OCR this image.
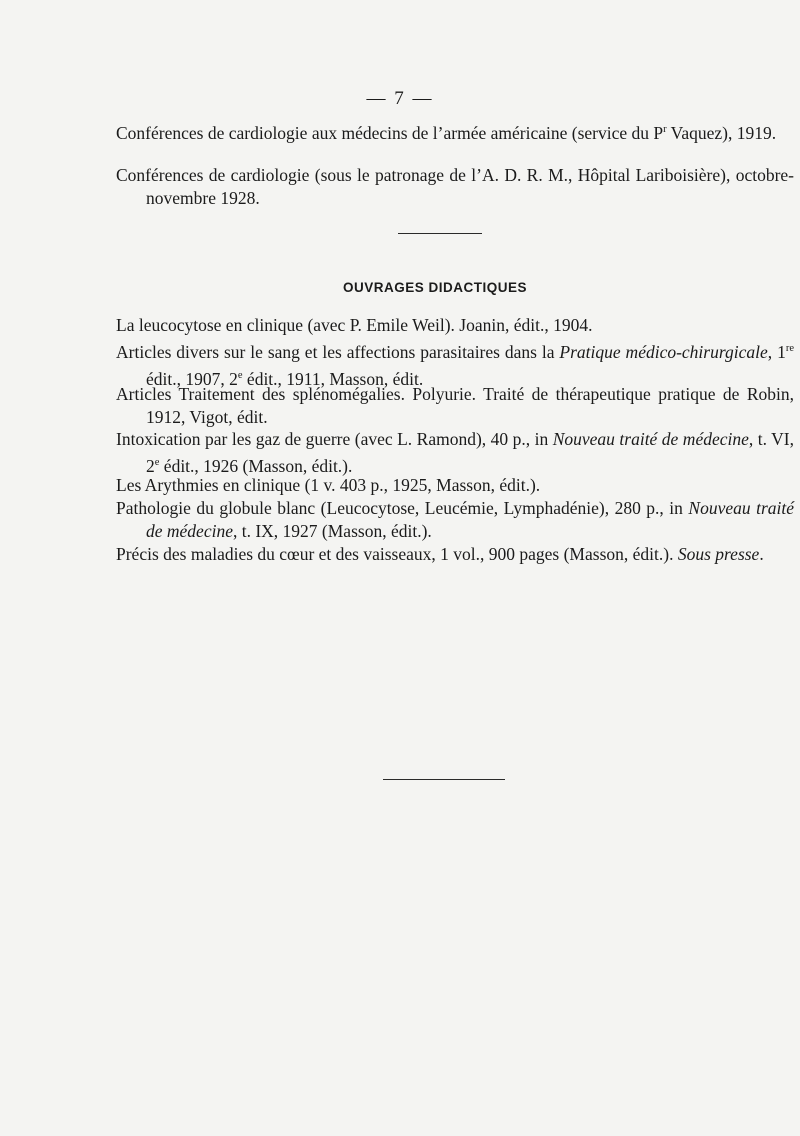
— 7 —
Conférences de cardiologie aux médecins de l’armée américaine (service du $P^r$ Vaquez), 1919.
Conférences de cardiologie (sous le patronage de l’A. D. R. M., Hôpital Lariboisière), octobre-novembre 1928.
OUVRAGES DIDACTIQUES
La leucocytose en clinique (avec P. Emile Weil). Joanin, édit., 1904.
Articles divers sur le sang et les affections parasitaires dans la Pratique médico-chirurgicale, 1re édit., 1907, 2e édit., 1911, Masson, édit.
Articles Traitement des splénomégalies. Polyurie. Traité de thérapeutique pratique de Robin, 1912, Vigot, édit.
Intoxication par les gaz de guerre (avec L. Ramond), 40 p., in Nouveau traité de médecine, t. VI, 2e édit., 1926 (Masson, édit.).
Les Arythmies en clinique (1 v. 403 p., 1925, Masson, édit.).
Pathologie du globule blanc (Leucocytose, Leucémie, Lymphadénie), 280 p., in Nouveau traité de médecine, t. IX, 1927 (Masson, édit.).
Précis des maladies du cœur et des vaisseaux, 1 vol., 900 pages (Masson, édit.). Sous presse.
